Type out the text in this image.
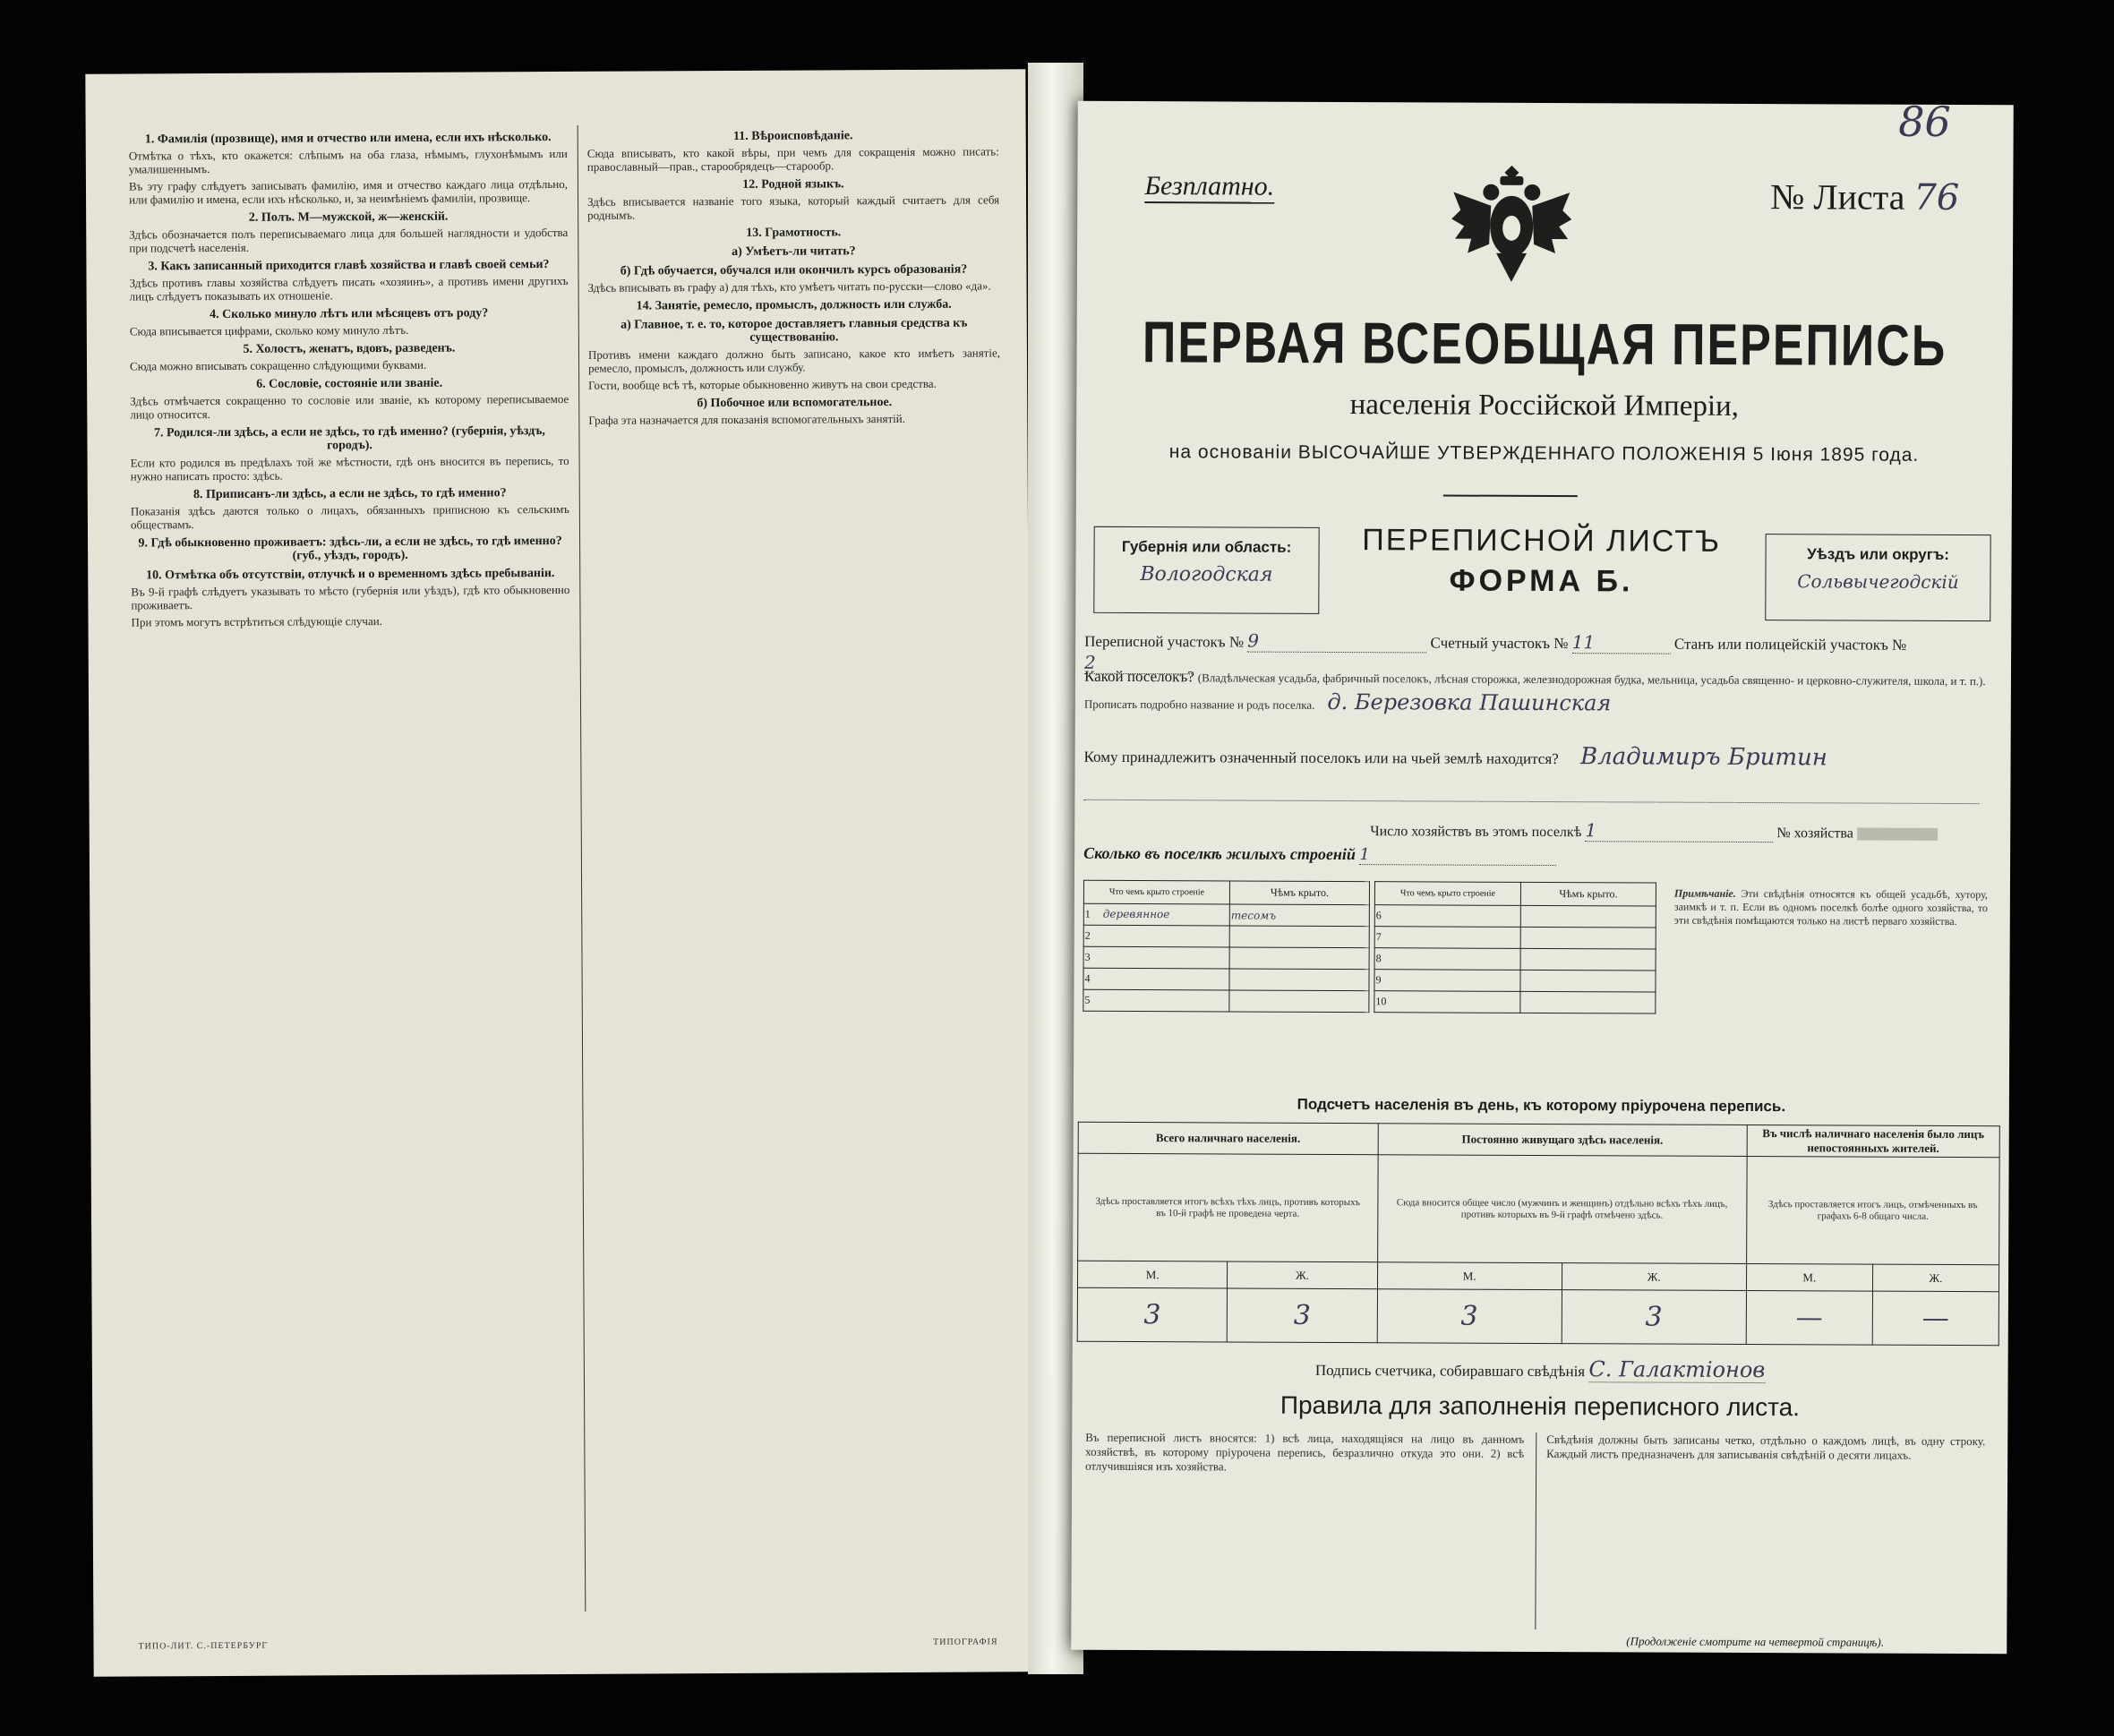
1. Фамилія (прозвище), имя и отчество или имена, если ихъ нѣсколько.
Отмѣтка о тѣхъ, кто окажется: слѣпымъ на оба глаза, нѣмымъ, глухонѣмымъ или умалишеннымъ.
Въ эту графу слѣдуетъ записывать фамилію, имя и отчество каждаго лица отдѣльно, или фамилію и имена, если ихъ нѣсколько, и, за неимѣніемъ фамиліи, прозвище.
2. Полъ. М—мужской, ж—женскій.
Здѣсь обозначается полъ переписываемаго лица для большей наглядности и удобства при подсчетѣ населенія.
3. Какъ записанный приходится главѣ хозяйства и главѣ своей семьи?
Здѣсь противъ главы хозяйства слѣдуетъ писать «хозяинъ», а противъ имени другихъ лицъ слѣдуетъ показывать их отношеніе.
4. Сколько минуло лѣтъ или мѣсяцевъ отъ роду?
Сюда вписывается цифрами, сколько кому минуло лѣтъ.
5. Холостъ, женатъ, вдовъ, разведенъ.
Сюда можно вписывать сокращенно слѣдующими буквами.
6. Сословіе, состояніе или званіе.
Здѣсь отмѣчается сокращенно то сословіе или званіе, къ которому переписываемое лицо относится.
7. Родился-ли здѣсь, а если не здѣсь, то гдѣ именно? (губернія, уѣздъ, городъ).
Если кто родился въ предѣлахъ той же мѣстности, гдѣ онъ вносится въ перепись, то нужно написать просто: здѣсь.
8. Приписанъ-ли здѣсь, а если не здѣсь, то гдѣ именно?
Показанія здѣсь даются только о лицахъ, обязанныхъ приписною къ сельскимъ обществамъ.
9. Гдѣ обыкновенно проживаетъ: здѣсь-ли, а если не здѣсь, то гдѣ именно? (губ., уѣздъ, городъ).
10. Отмѣтка объ отсутствіи, отлучкѣ и о временномъ здѣсь пребываніи.
Въ 9-й графѣ слѣдуетъ указывать то мѣсто (губернія или уѣздъ), гдѣ кто обыкновенно проживаетъ.
При этомъ могутъ встрѣтиться слѣдующіе случаи.
11. Вѣроисповѣданіе.
Сюда вписывать, кто какой вѣры, при чемъ для сокращенія можно писать: православный—прав., старообрядецъ—старообр.
12. Родной языкъ.
Здѣсь вписывается названіе того языка, который каждый считаетъ для себя роднымъ.
13. Грамотность.
а) Умѣетъ-ли читать?
б) Гдѣ обучается, обучался или окончилъ курсъ образованія?
Здѣсь вписывать въ графу а) для тѣхъ, кто умѣетъ читать по-русски—слово «да».
14. Занятіе, ремесло, промыслъ, должность или служба.
а) Главное, т. е. то, которое доставляетъ главныя средства къ существованію.
Противъ имени каждаго должно быть записано, какое кто имѣетъ занятіе, ремесло, промыслъ, должность или службу.
Гости, вообще всѣ тѣ, которые обыкновенно живутъ на свои средства.
б) Побочное или вспомогательное.
Графа эта назначается для показанія вспомогательныхъ занятій.
ТИПО-ЛИТ. С.-ПЕТЕРБУРГ	ТИПОГРАФІЯ
86
Безплатно.	№ Листа 76
ПЕРВАЯ ВСЕОБЩАЯ ПЕРЕПИСЬ
населенія Россійской Имперіи,
на основаніи ВЫСОЧАЙШЕ УТВЕРЖДЕННАГО ПОЛОЖЕНІЯ 5 Іюня 1895 года.
Губернія или область:
Вологодская
ПЕРЕПИСНОЙ ЛИСТЪ
ФОРМА Б.
Уѣздъ или округъ:
Сольвычегодскій
Переписной участокъ № 9	Счетный участокъ № 11	Станъ или полицейскій участокъ № 2
Какой поселокъ? (Владѣльческая усадьба, фабричный поселокъ, лѣсная сторожка, железнодорожная будка, мельница, усадьба священно- и церковно-служителя, школа, и т. п.). Прописать подробно название и родъ поселка. д. Березовка Пашинская
Кому принадлежитъ означенный поселокъ или на чьей землѣ находится? Владимиръ Бритин
Число хозяйствъ въ этомъ поселкѣ 1	№ хозяйства
Сколько въ поселкѣ жилыхъ строеній 1
Что чемъ крыто строеніе	Чѣмъ крыто.
1 деревянное	тесомъ
2	
3	
4	
5	
Что чемъ крыто строеніе	Чѣмъ крыто.
6	
7	
8	
9	
10	
Примѣчаніе. Эти свѣдѣнія относятся къ общей усадьбѣ, хутору, заимкѣ и т. п. Если въ одномъ поселкѣ болѣе одного хозяйства, то эти свѣдѣнія помѣщаются только на листѣ перваго хозяйства.
Подсчетъ населенія въ день, къ которому пріурочена перепись.
Всего наличнаго населенія.		Постоянно живущаго здѣсь населенія.		Въ числѣ наличнаго населенія было лицъ непостоянныхъ жителей.	
Здѣсь проставляется итогъ всѣхъ тѣхъ лицъ, противъ которыхъ въ 10-й графѣ не проведена черта.		Сюда вносится общее число (мужчинъ и женщинъ) отдѣльно всѣхъ тѣхъ лицъ, противъ которыхъ въ 9-й графѣ отмѣчено здѣсь.		Здѣсь проставляется итогъ лицъ, отмѣченныхъ въ графахъ 6-8 общаго числа.	
М.	Ж.	М.	Ж.	М.	Ж.
3	3	3	3	—	—
Подпись счетчика, собиравшаго свѣдѣнія С. Галактіонов
Правила для заполненія переписного листа.
Въ переписной листъ вносятся: 1) всѣ лица, находящіяся на лицо въ данномъ хозяйствѣ, въ которому пріурочена перепись, безразлично откуда это они. 2) всѣ отлучившіяся изъ хозяйства.
Свѣдѣнія должны быть записаны четко, отдѣльно о каждомъ лицѣ, въ одну строку. Каждый листъ предназначенъ для записыванія свѣдѣній о десяти лицахъ.
(Продолженіе смотрите на четвертой страницѣ).
